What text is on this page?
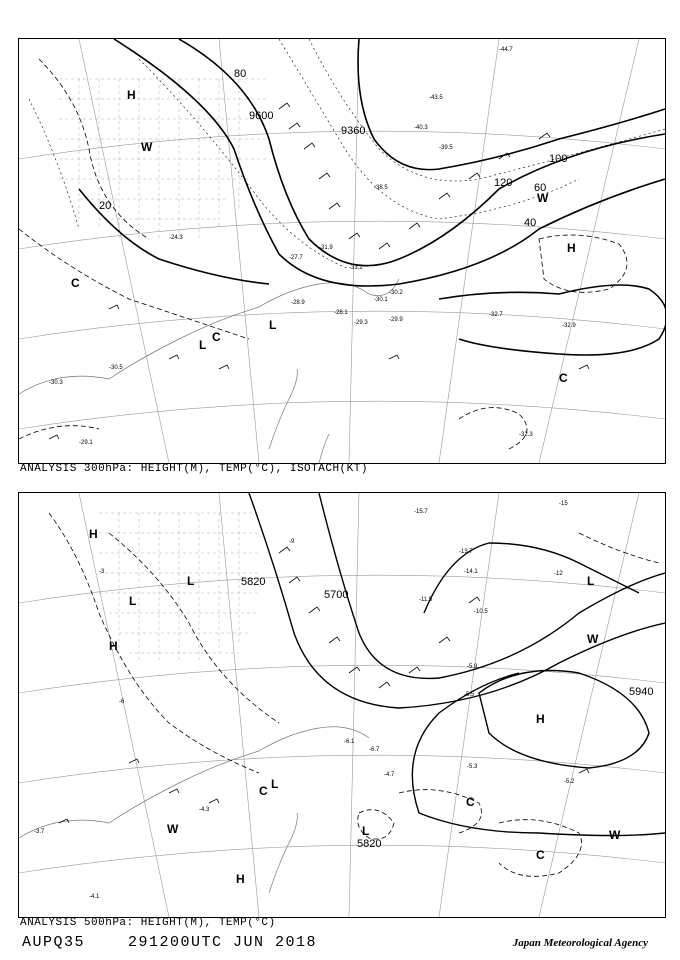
9600
9360
20
40
60
80
100
120
H
H
L
L
W
W
C
C
C
-24.3
-29.3
-30.2
-27.7
-28.9
-29.9
-30.1
-31.9
-33.2
-40.3
-43.5
-44.7
-39.5
-38.5
-32.7
-32.9
-32.3
-30.3
-30.5
-29.1
-28.1
ANALYSIS 300hPa: HEIGHT(M), TEMP(°C), ISOTACH(KT)
5820
5700
5940
5820
H
H
H
H
L
L	L
L
L
W
W	W
C
C
C
-3
-6
-9
-12
-15
-5.5
-5.3
-5.9
-6.7
-4.7
-4.3
-6.1
-10.5
-13.7
-14.1
-15.7
-11.5
-5.2
-4.1
-3.7
ANALYSIS 500hPa: HEIGHT(M), TEMP(°C)
AUPQ35	291200UTC JUN 2018	Japan Meteorological Agency
